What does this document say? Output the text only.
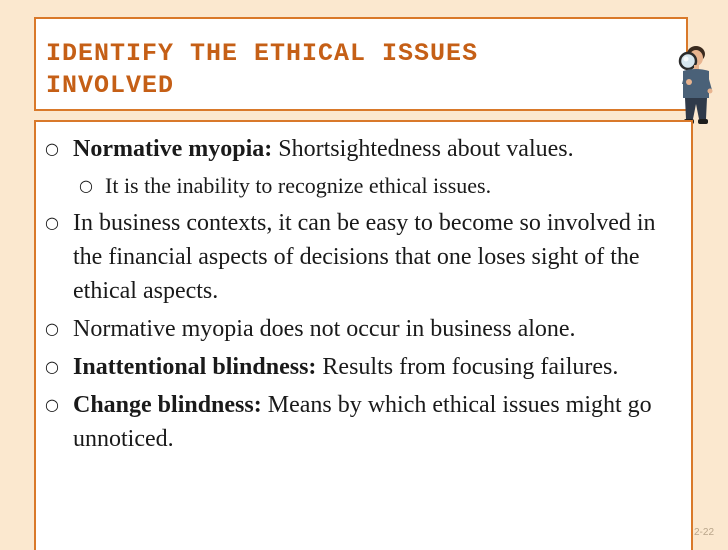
IDENTIFY THE ETHICAL ISSUES
INVOLVED
○ Normative myopia: Shortsightedness about values.
○ It is the inability to recognize ethical issues.
○ In business contexts, it can be easy to become so involved in the financial aspects of decisions that one loses sight of the ethical aspects.
○ Normative myopia does not occur in business alone.
○ Inattentional blindness: Results from focusing failures.
○ Change blindness: Means by which ethical issues might go unnoticed.
2-22
